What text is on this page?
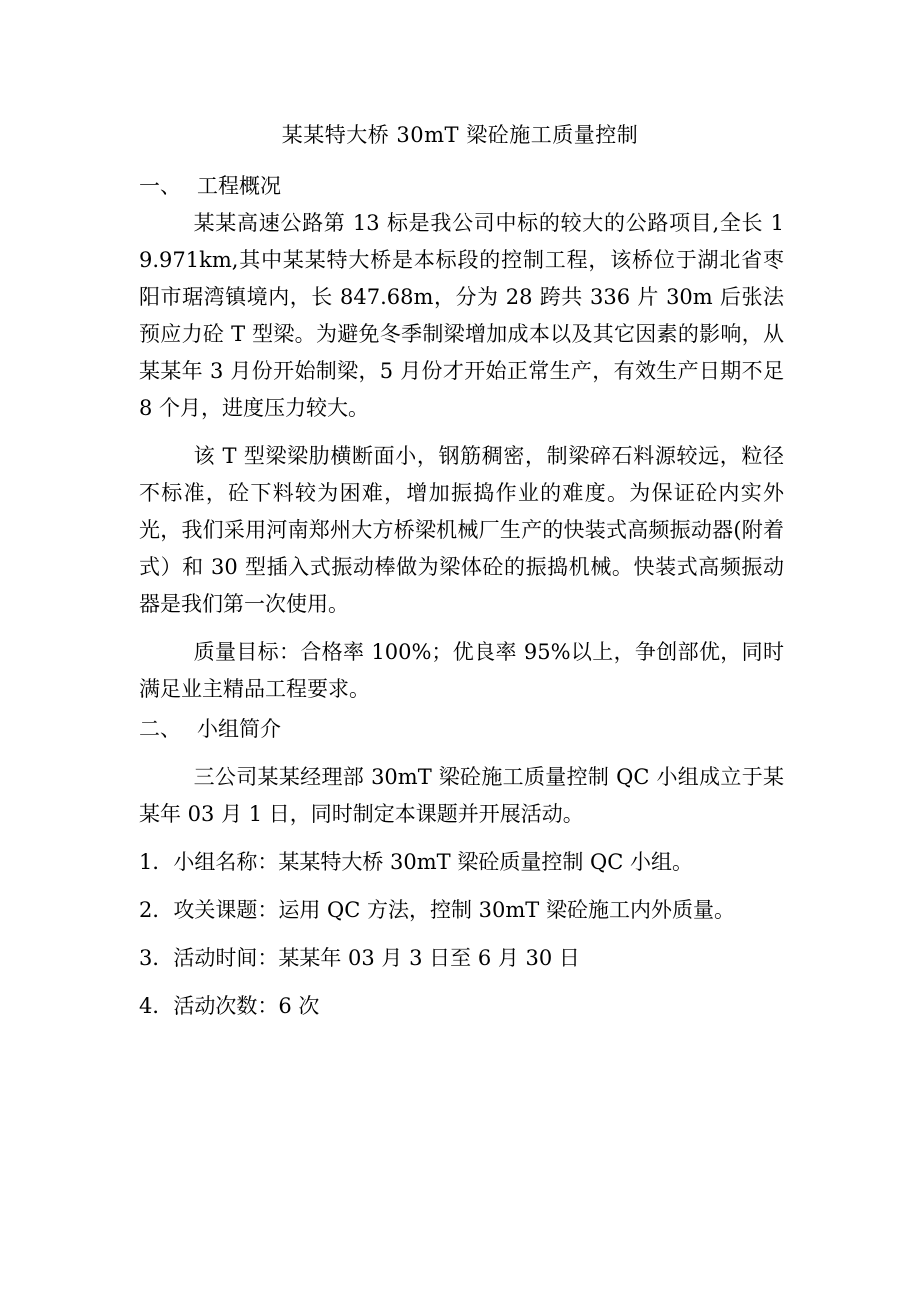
某某特大桥 30mT 梁砼施工质量控制
一、 工程概况

某某高速公路第 13 标是我公司中标的较大的公路项目,全长 19.971km,其中某某特大桥是本标段的控制工程，该桥位于湖北省枣阳市琚湾镇境内，长 847.68m，分为 28 跨共 336 片 30m 后张法预应力砼 T 型梁。为避免冬季制梁增加成本以及其它因素的影响，从某某年 3 月份开始制梁，5 月份才开始正常生产，有效生产日期不足 8 个月，进度压力较大。

该 T 型梁梁肋横断面小，钢筋稠密，制梁碎石料源较远，粒径不标准，砼下料较为困难，增加振捣作业的难度。为保证砼内实外光，我们采用河南郑州大方桥梁机械厂生产的快装式高频振动器(附着式）和 30 型插入式振动棒做为梁体砼的振捣机械。快装式高频振动器是我们第一次使用。

质量目标：合格率 100%；优良率 95%以上，争创部优，同时满足业主精品工程要求。

二、 小组简介

三公司某某经理部 30mT 梁砼施工质量控制 QC 小组成立于某某年 03 月 1 日，同时制定本课题并开展活动。

1．小组名称：某某特大桥 30mT 梁砼质量控制 QC 小组。
2．攻关课题：运用 QC 方法，控制 30mT 梁砼施工内外质量。
3．活动时间：某某年 03 月 3 日至 6 月 30 日
4．活动次数：6 次
